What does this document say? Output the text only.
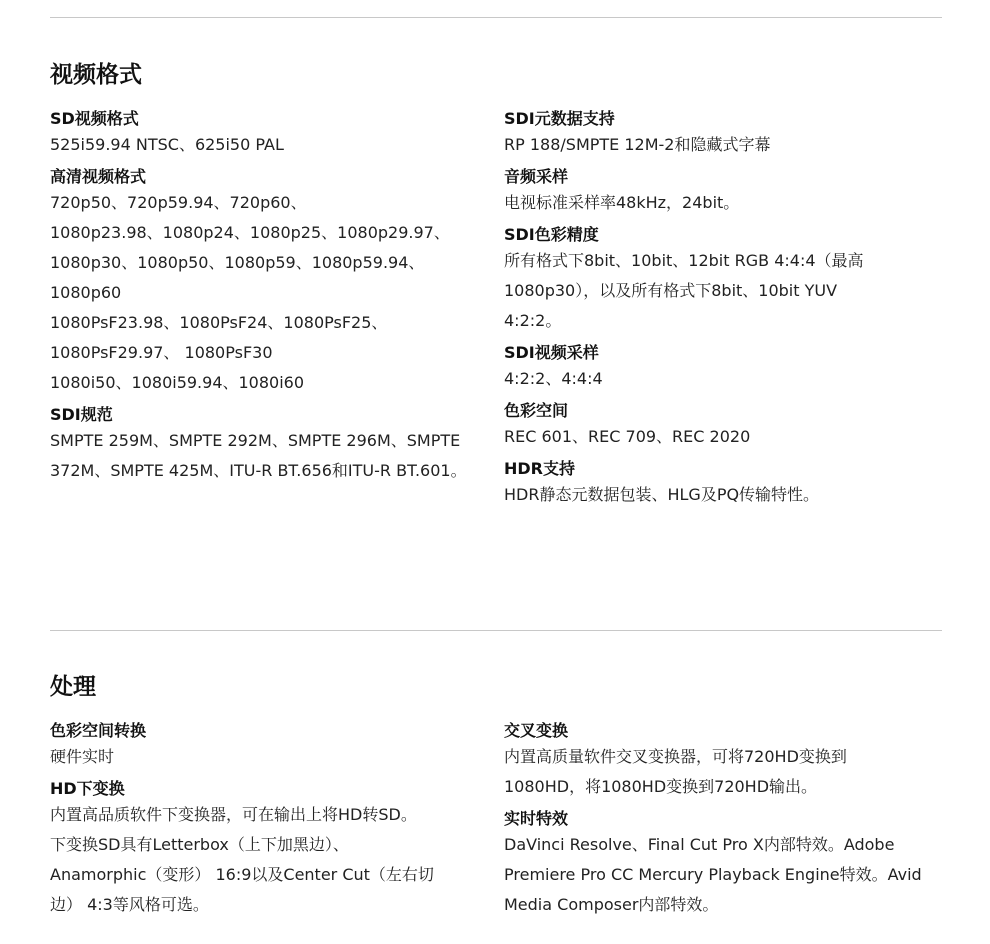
视频格式
SD视频格式
525i59.94 NTSC、625i50 PAL
高清视频格式
720p50、720p59.94、720p60、
1080p23.98、1080p24、1080p25、1080p29.97、
1080p30、1080p50、1080p59、1080p59.94、
1080p60
1080PsF23.98、1080PsF24、1080PsF25、
1080PsF29.97、 1080PsF30
1080i50、1080i59.94、1080i60
SDI规范
SMPTE 259M、SMPTE 292M、SMPTE 296M、SMPTE
372M、SMPTE 425M、ITU-R BT.656和ITU-R BT.601。
SDI元数据支持
RP 188/SMPTE 12M-2和隐藏式字幕
音频采样
电视标准采样率48kHz，24bit。
SDI色彩精度
所有格式下8bit、10bit、12bit RGB 4:4:4（最高
1080p30），以及所有格式下8bit、10bit YUV
4:2:2。
SDI视频采样
4:2:2、4:4:4
色彩空间
REC 601、REC 709、REC 2020
HDR支持
HDR静态元数据包装、HLG及PQ传输特性。
处理
色彩空间转换
硬件实时
HD下变换
内置高品质软件下变换器，可在输出上将HD转SD。
下变换SD具有Letterbox（上下加黑边）、
Anamorphic（变形） 16:9以及Center Cut（左右切
边） 4:3等风格可选。
交叉变换
内置高质量软件交叉变换器，可将720HD变换到
1080HD，将1080HD变换到720HD输出。
实时特效
DaVinci Resolve、Final Cut Pro X内部特效。Adobe
Premiere Pro CC Mercury Playback Engine特效。Avid
Media Composer内部特效。
